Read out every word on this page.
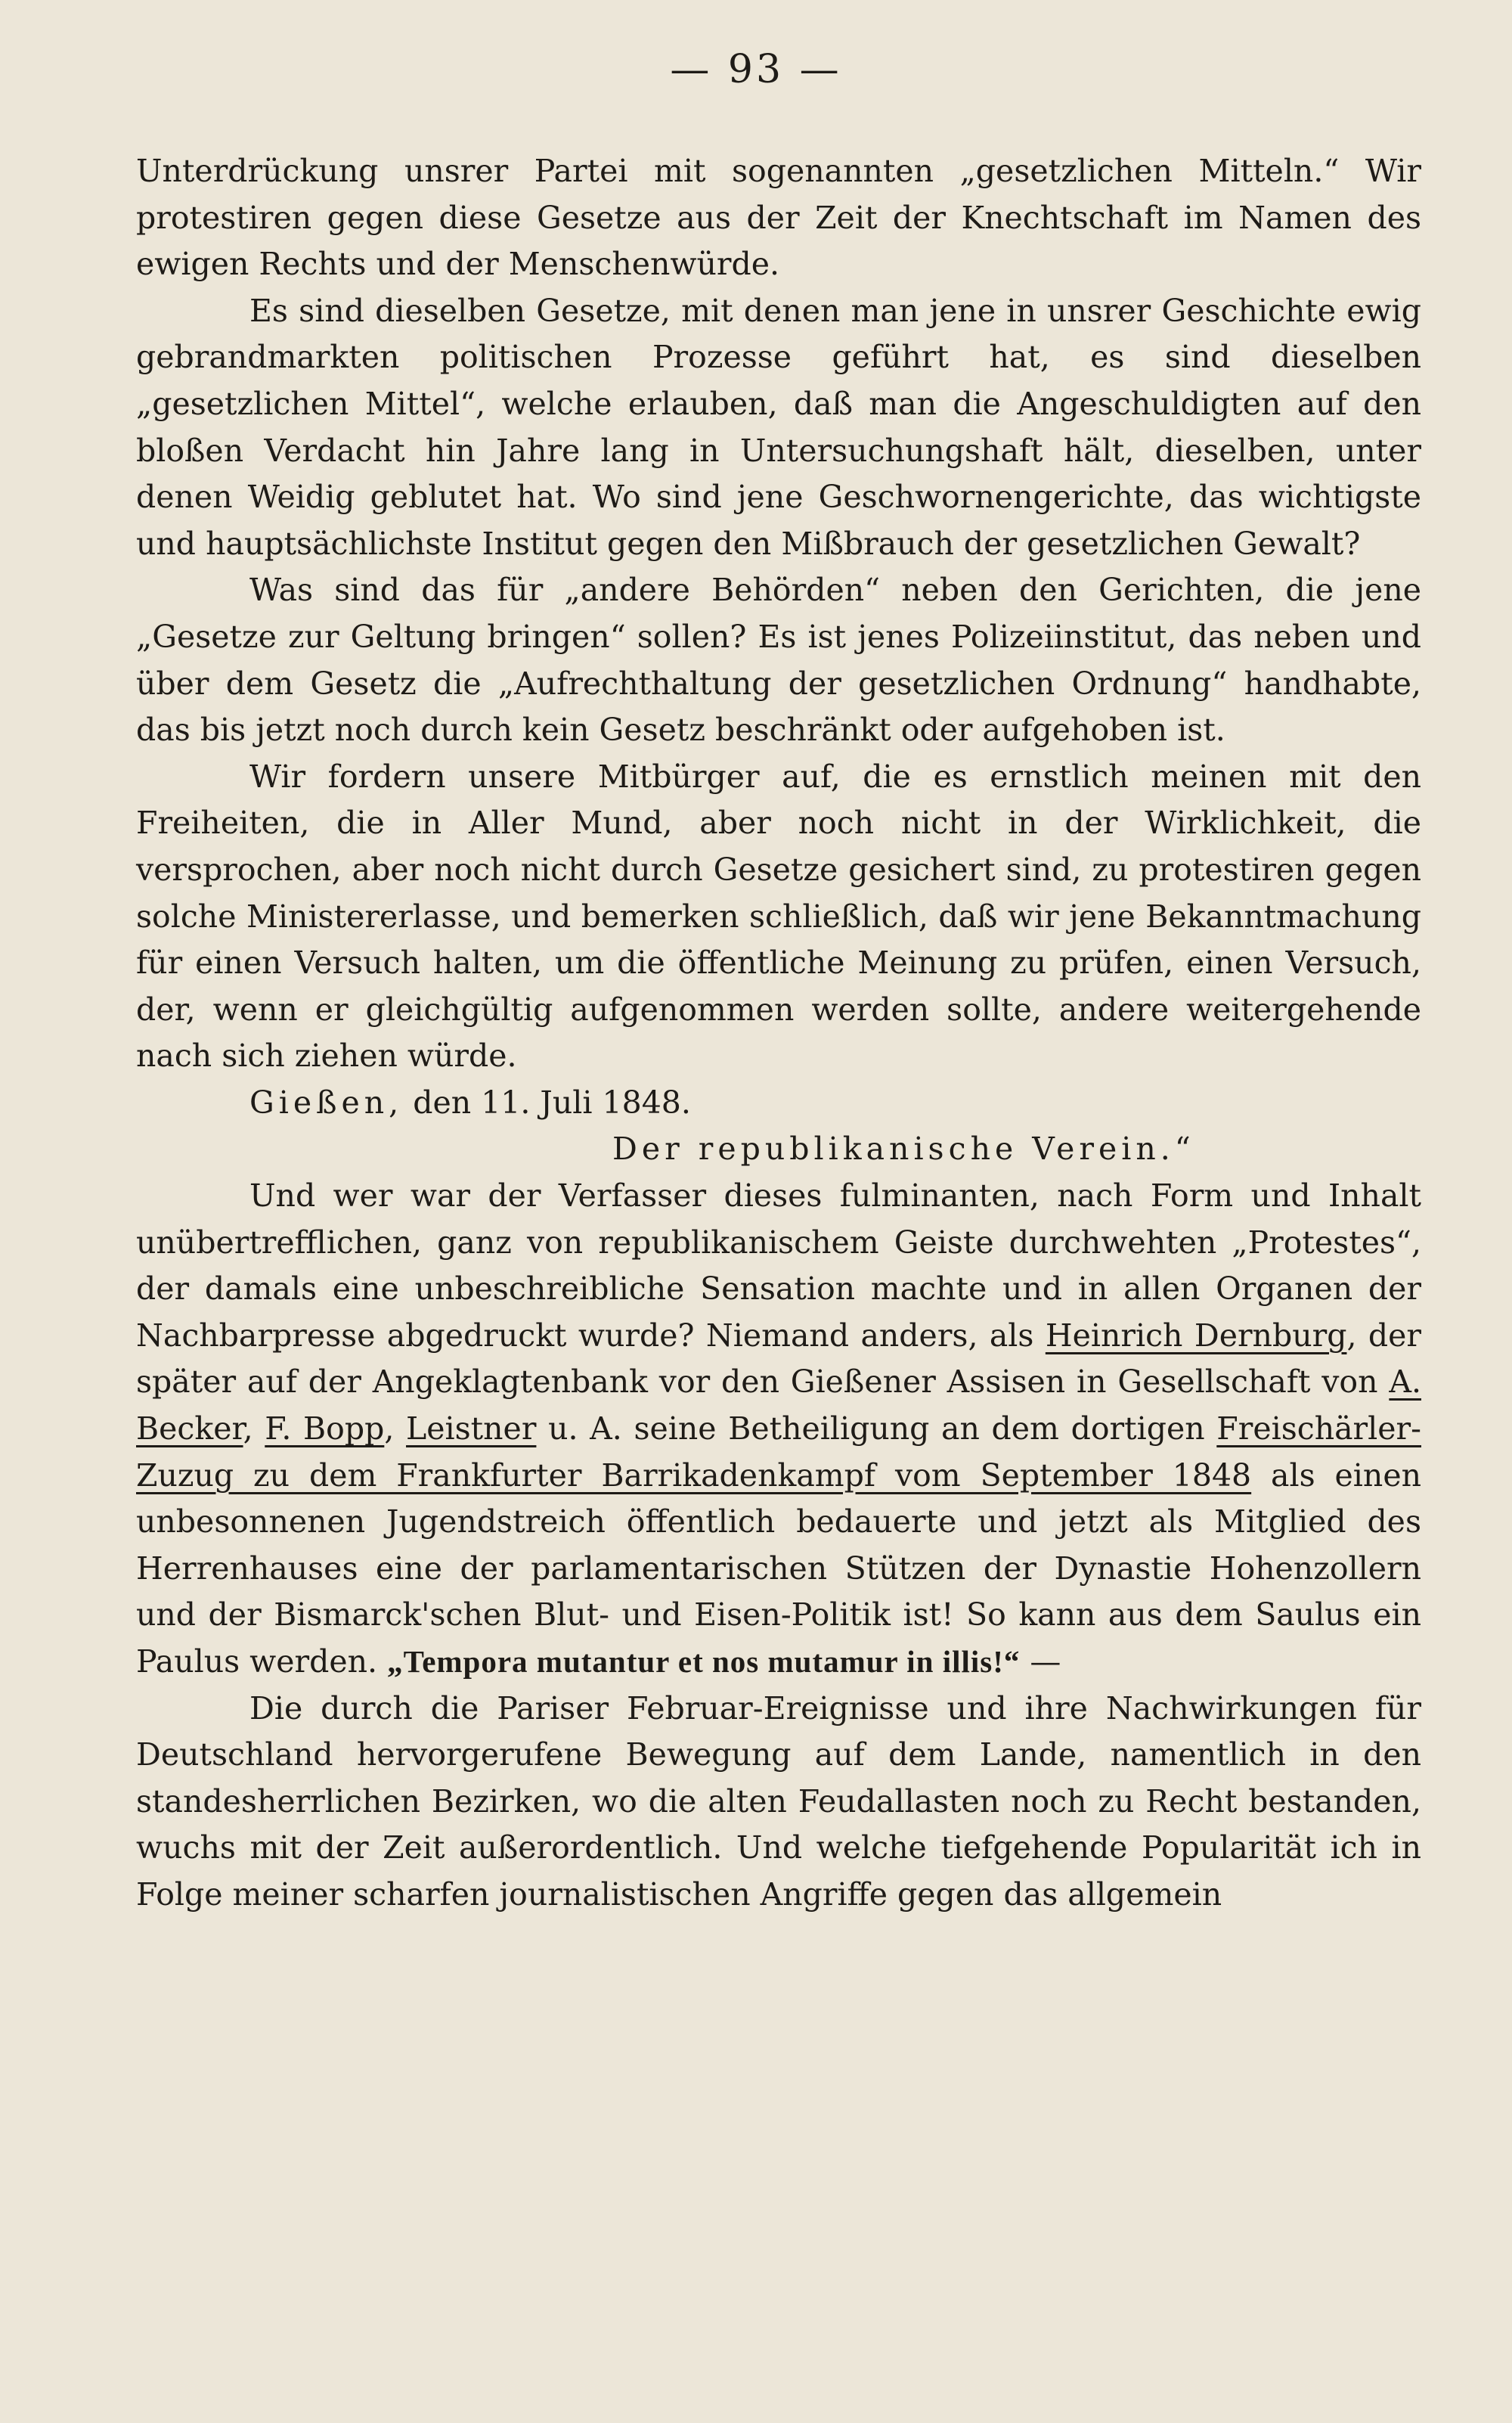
— 93 —

Unterdrückung unsrer Partei mit sogenannten „gesetzlichen Mitteln.“ Wir protestiren gegen diese Gesetze aus der Zeit der Knechtschaft im Namen des ewigen Rechts und der Menschenwürde.

Es sind dieselben Gesetze, mit denen man jene in unsrer Geschichte ewig gebrandmarkten politischen Prozesse geführt hat, es sind dieselben „gesetzlichen Mittel“, welche erlauben, daß man die Angeschuldigten auf den bloßen Verdacht hin Jahre lang in Untersuchungshaft hält, dieselben, unter denen Weidig geblutet hat. Wo sind jene Geschwornengerichte, das wichtigste und hauptsächlichste Institut gegen den Mißbrauch der gesetzlichen Gewalt?

Was sind das für „andere Behörden“ neben den Gerichten, die jene „Gesetze zur Geltung bringen“ sollen? Es ist jenes Polizeiinstitut, das neben und über dem Gesetz die „Aufrechthaltung der gesetzlichen Ordnung“ handhabte, das bis jetzt noch durch kein Gesetz beschränkt oder aufgehoben ist.

Wir fordern unsere Mitbürger auf, die es ernstlich meinen mit den Freiheiten, die in Aller Mund, aber noch nicht in der Wirklichkeit, die versprochen, aber noch nicht durch Gesetze gesichert sind, zu protestiren gegen solche Ministererlasse, und bemerken schließlich, daß wir jene Bekanntmachung für einen Versuch halten, um die öffentliche Meinung zu prüfen, einen Versuch, der, wenn er gleichgültig aufgenommen werden sollte, andere weitergehende nach sich ziehen würde.

Gießen, den 11. Juli 1848.

Der republikanische Verein.“

Und wer war der Verfasser dieses fulminanten, nach Form und Inhalt unübertrefflichen, ganz von republikanischem Geiste durchwehten „Protestes“, der damals eine unbeschreibliche Sensation machte und in allen Organen der Nachbarpresse abgedruckt wurde? Niemand anders, als Heinrich Dernburg, der später auf der Angeklagtenbank vor den Gießener Assisen in Gesellschaft von A. Becker, F. Bopp, Leistner u. A. seine Betheiligung an dem dortigen Freischärler-Zuzug zu dem Frankfurter Barrikadenkampf vom September 1848 als einen unbesonnenen Jugendstreich öffentlich bedauerte und jetzt als Mitglied des Herrenhauses eine der parlamentarischen Stützen der Dynastie Hohenzollern und der Bismarck'schen Blut- und Eisen-Politik ist! So kann aus dem Saulus ein Paulus werden. „Tempora mutantur et nos mutamur in illis!“ —

Die durch die Pariser Februar-Ereignisse und ihre Nachwirkungen für Deutschland hervorgerufene Bewegung auf dem Lande, namentlich in den standesherrlichen Bezirken, wo die alten Feudallasten noch zu Recht bestanden, wuchs mit der Zeit außerordentlich. Und welche tiefgehende Popularität ich in Folge meiner scharfen journalistischen Angriffe gegen das allgemein
